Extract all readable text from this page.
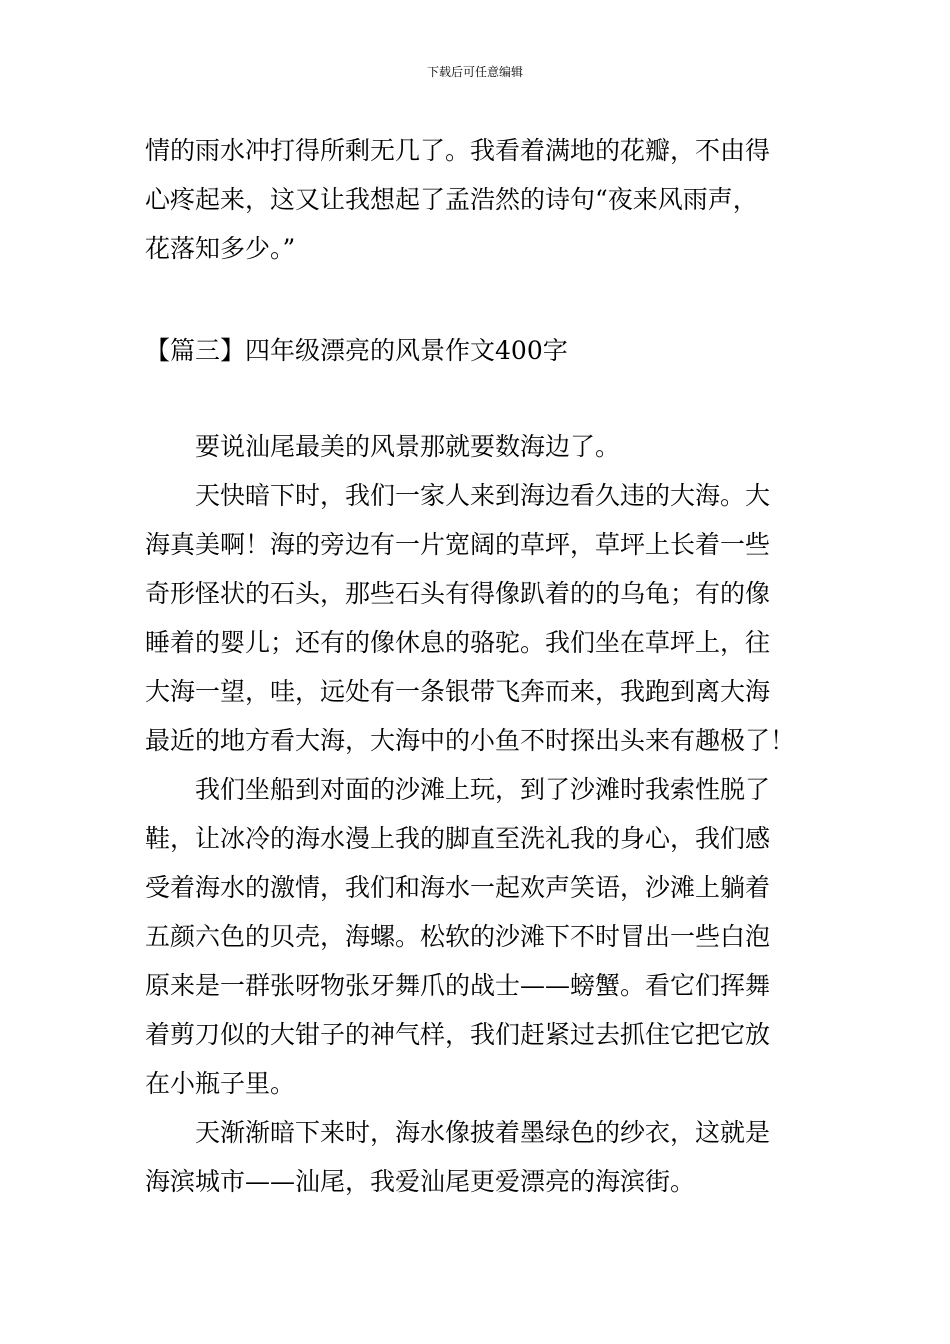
下载后可任意编辑
情的雨水冲打得所剩无几了。我看着满地的花瓣，不由得
心疼起来，这又让我想起了孟浩然的诗句“夜来风雨声，
花落知多少。”
【篇三】四年级漂亮的风景作文400字
　　要说汕尾最美的风景那就要数海边了。
　　天快暗下时，我们一家人来到海边看久违的大海。大
海真美啊！海的旁边有一片宽阔的草坪，草坪上长着一些
奇形怪状的石头，那些石头有得像趴着的的乌龟；有的像
睡着的婴儿；还有的像休息的骆驼。我们坐在草坪上，往
大海一望，哇，远处有一条银带飞奔而来，我跑到离大海
最近的地方看大海，大海中的小鱼不时探出头来有趣极了！
　　我们坐船到对面的沙滩上玩，到了沙滩时我索性脱了
鞋，让冰冷的海水漫上我的脚直至洗礼我的身心，我们感
受着海水的激情，我们和海水一起欢声笑语，沙滩上躺着
五颜六色的贝壳，海螺。松软的沙滩下不时冒出一些白泡
原来是一群张呀物张牙舞爪的战士——螃蟹。看它们挥舞
着剪刀似的大钳子的神气样，我们赶紧过去抓住它把它放
在小瓶子里。
　　天渐渐暗下来时，海水像披着墨绿色的纱衣，这就是
海滨城市——汕尾，我爱汕尾更爱漂亮的海滨街。
